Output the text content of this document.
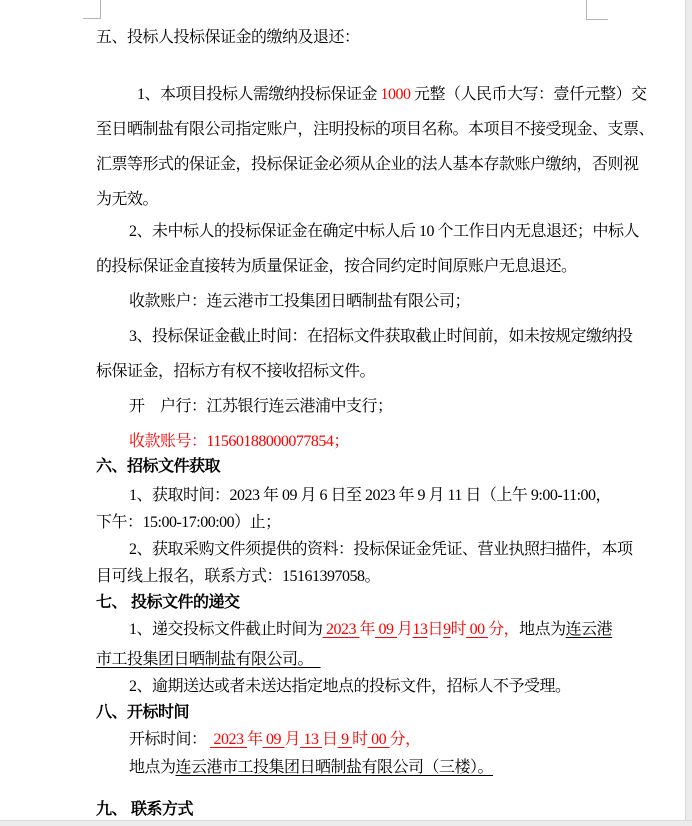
五、投标人投标保证金的缴纳及退还：
1、本项目投标人需缴纳投标保证金 1000 元整（人民币大写：壹仟元整）交
至日晒制盐有限公司指定账户，注明投标的项目名称。本项目不接受现金、支票、
汇票等形式的保证金，投标保证金必须从企业的法人基本存款账户缴纳，否则视
为无效。
2、未中标人的投标保证金在确定中标人后 10 个工作日内无息退还；中标人
的投标保证金直接转为质量保证金，按合同约定时间原账户无息退还。
收款账户：连云港市工投集团日晒制盐有限公司；
3、投标保证金截止时间：在招标文件获取截止时间前，如未按规定缴纳投
标保证金，招标方有权不接收招标文件。
开　户行：江苏银行连云港浦中支行；
收款账号：11560188000077854；
六、招标文件获取
1、获取时间：2023 年 09 月 6 日至 2023 年 9 月 11 日（上午 9:00-11:00，
下午：15:00-17:00:00）止；
2、获取采购文件须提供的资料：投标保证金凭证、营业执照扫描件，本项
目可线上报名，联系方式：15161397058。
七、 投标文件的递交
1、递交投标文件截止时间为 2023 年 09 月13日9时 00 分，地点为连云港
市工投集团日晒制盐有限公司。　
2、逾期送达或者未送达指定地点的投标文件，招标人不予受理。
八、开标时间
开标时间：  2023 年 09 月 13 日 9 时 00 分，
地点为连云港市工投集团日晒制盐有限公司（三楼）。
九、 联系方式
